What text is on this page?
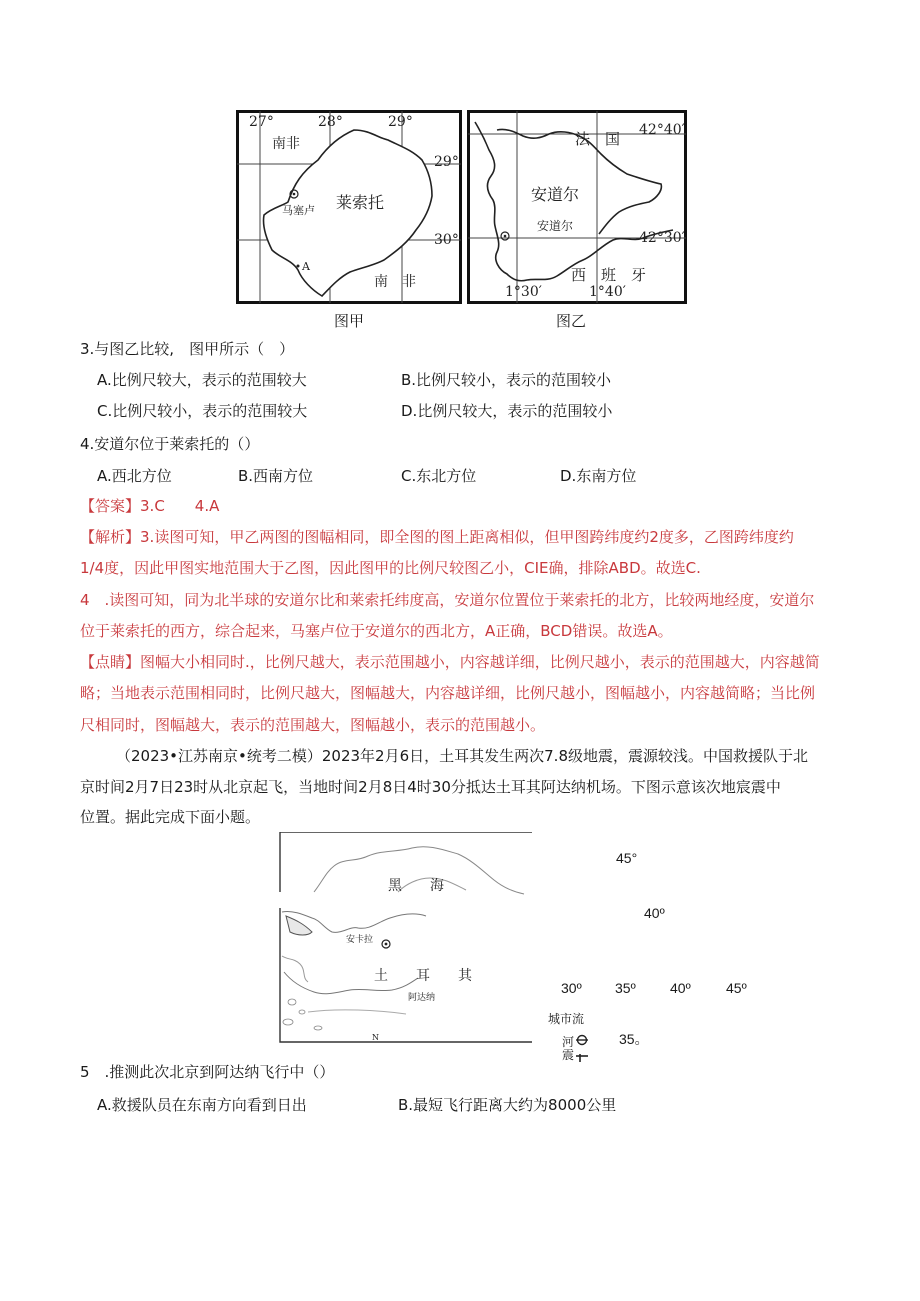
27°	28°	29°
29°
30°
南非
莱索托
马塞卢
A
南　非
法　国 42°40′
42°30′
安道尔
安道尔
西　班　牙
1°30′	1°40′
图甲	图乙
3.与图乙比较,　图甲所示（　）
A.比例尺较大，表示的范围较大	B.比例尺较小，表示的范围较小
C.比例尺较小，表示的范围较大	D.比例尺较大，表示的范围较小
4.安道尔位于莱索托的（）
A.西北方位	B.西南方位	C.东北方位	D.东南方位
【答案】3.C　　4.A
【解析】3.读图可知，甲乙两图的图幅相同，即全图的图上距离相似，但甲图跨纬度约2度多，乙图跨纬度约
1/4度，因此甲图实地范围大于乙图，因此图甲的比例尺较图乙小，CIE确，排除ABD。故选C.
4　.读图可知，同为北半球的安道尔比和莱索托纬度高，安道尔位置位于莱索托的北方，比较两地经度，安道尔
位于莱索托的西方，综合起来，马塞卢位于安道尔的西北方，A正确，BCD错误。故选A。
【点睛】图幅大小相同时.，比例尺越大，表示范围越小，内容越详细，比例尺越小，表示的范围越大，内容越简
略；当地表示范围相同时，比例尺越大，图幅越大，内容越详细，比例尺越小，图幅越小，内容越简略；当比例
尺相同时，图幅越大，表示的范围越大，图幅越小，表示的范围越小。
（2023•江苏南京•统考二模）2023年2月6日，土耳其发生两次7.8级地震，震源较浅。中国救援队于北
京时间2月7日23时从北京起飞，当地时间2月8日4时30分抵达土耳其阿达纳机场。下图示意该次地宸震中
位置。据此完成下面小题。
黑　　海
安卡拉
土　　耳　　其
阿达纳
N
45°
40º
30º 35º 40º	45º
城市流
河
震
35。
5　.推测此次北京到阿达纳飞行中（）
A.救援队员在东南方向看到日出	B.最短飞行距离大约为8000公里
